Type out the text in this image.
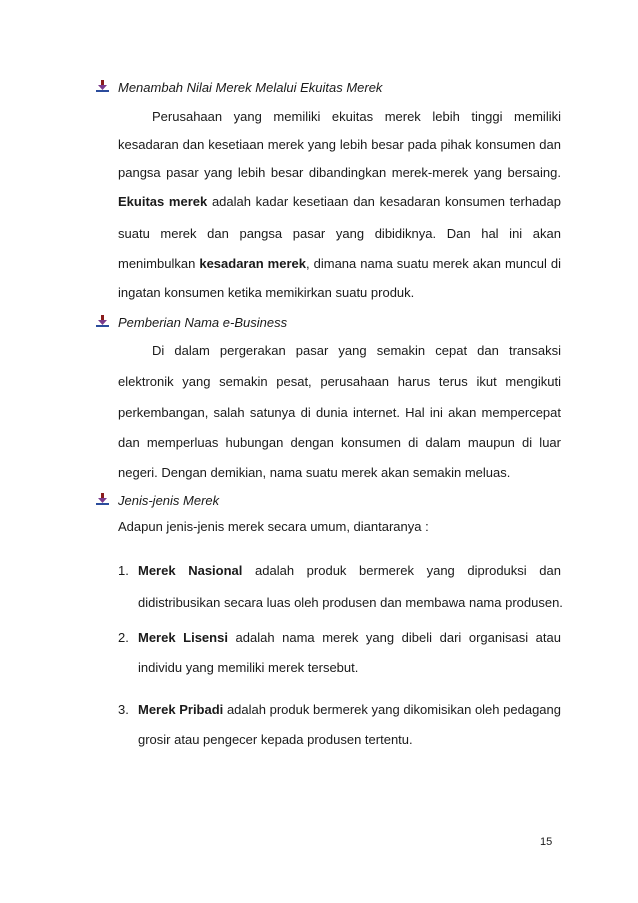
Menambah Nilai Merek Melalui Ekuitas Merek
Perusahaan yang memiliki ekuitas merek lebih tinggi memiliki
kesadaran dan kesetiaan merek yang lebih besar pada pihak konsumen dan
pangsa pasar yang lebih besar dibandingkan merek-merek yang bersaing.
Ekuitas merek adalah kadar kesetiaan dan kesadaran konsumen terhadap
suatu merek dan pangsa pasar yang dibidiknya. Dan hal ini akan
menimbulkan kesadaran merek, dimana nama suatu merek akan muncul di
ingatan konsumen ketika memikirkan suatu produk.
Pemberian Nama e-Business
Di dalam pergerakan pasar yang semakin cepat dan transaksi
elektronik yang semakin pesat, perusahaan harus terus ikut mengikuti
perkembangan, salah satunya di dunia internet. Hal ini akan mempercepat
dan memperluas hubungan dengan konsumen di dalam maupun di luar
negeri. Dengan demikian, nama suatu merek akan semakin meluas.
Jenis-jenis Merek
Adapun jenis-jenis merek secara umum, diantaranya :
1. Merek Nasional adalah produk bermerek yang diproduksi dan
didistribusikan secara luas oleh produsen dan membawa nama produsen.
2. Merek Lisensi adalah nama merek yang dibeli dari organisasi atau
individu yang memiliki merek tersebut.
3. Merek Pribadi adalah produk bermerek yang dikomisikan oleh pedagang
grosir atau pengecer kepada produsen tertentu.
15
